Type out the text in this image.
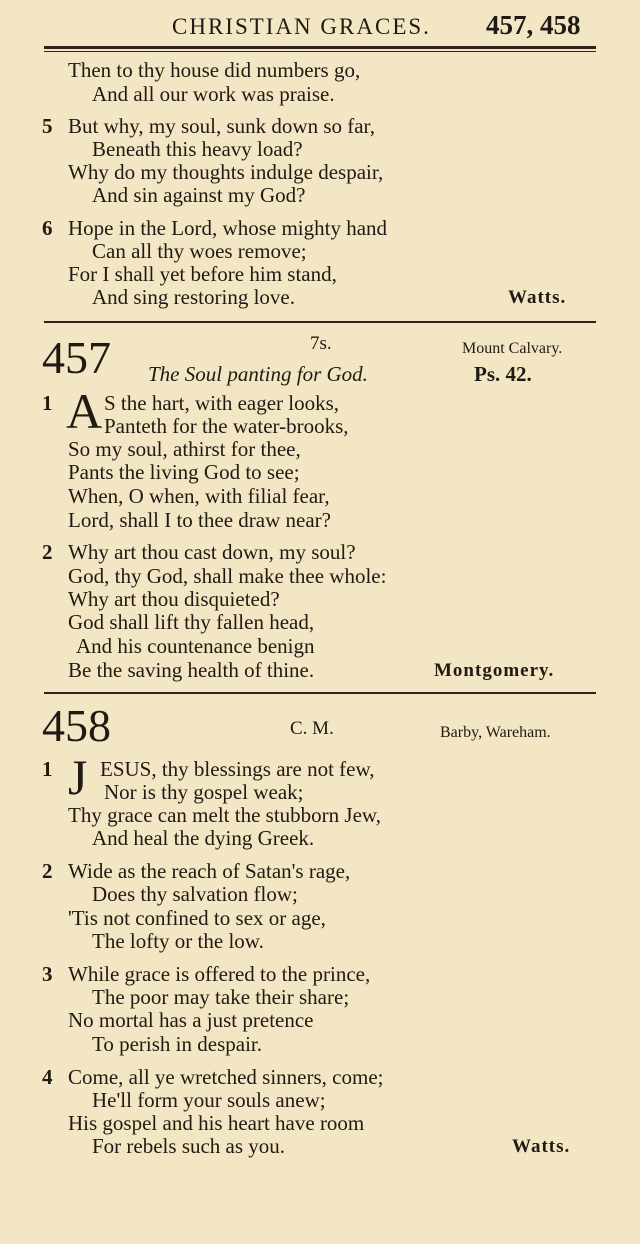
CHRISTIAN GRACES. 457, 458
Then to thy house did numbers go,
And all our work was praise.
5 But why, my soul, sunk down so far,
Beneath this heavy load?
Why do my thoughts indulge despair,
And sin against my God?
6 Hope in the Lord, whose mighty hand
Can all thy woes remove;
For I shall yet before him stand,
And sing restoring love.	Watts.
457	7s.	Mount Calvary.
The Soul panting for God.	Ps. 42.
1 A S the hart, with eager looks,
Panteth for the water-brooks,
So my soul, athirst for thee,
Pants the living God to see;
When, O when, with filial fear,
Lord, shall I to thee draw near?
2 Why art thou cast down, my soul?
God, thy God, shall make thee whole:
Why art thou disquieted?
God shall lift thy fallen head,
And his countenance benign
Be the saving health of thine.	Montgomery.
458	C. M.	Barby, Wareham.
1 J ESUS, thy blessings are not few,
Nor is thy gospel weak;
Thy grace can melt the stubborn Jew,
And heal the dying Greek.
2 Wide as the reach of Satan's rage,
Does thy salvation flow;
'Tis not confined to sex or age,
The lofty or the low.
3 While grace is offered to the prince,
The poor may take their share;
No mortal has a just pretence
To perish in despair.
4 Come, all ye wretched sinners, come;
He'll form your souls anew;
His gospel and his heart have room
For rebels such as you.	Watts.
